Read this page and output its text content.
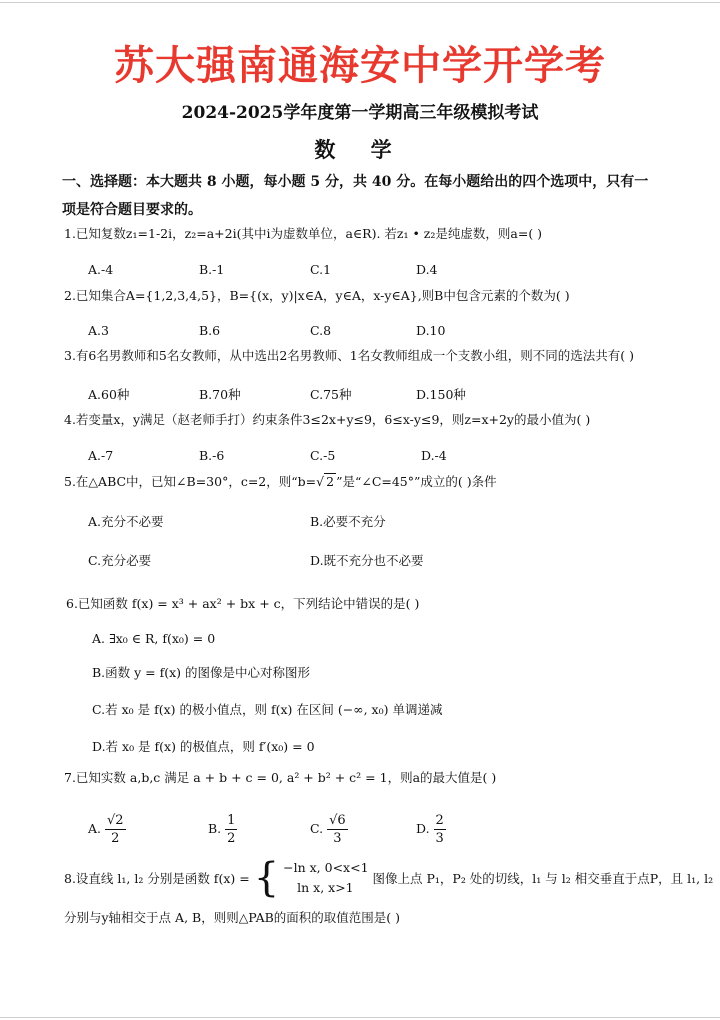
苏大强南通海安中学开学考
2024-2025学年度第一学期高三年级模拟考试
数 学
一、选择题：本大题共 8 小题，每小题 5 分，共 40 分。在每小题给出的四个选项中，只有一
项是符合题目要求的。
1.已知复数z₁=1-2i，z₂=a+2i(其中i为虚数单位，a∈R). 若z₁ • z₂是纯虚数，则a=( )
A.-4	B.-1	C.1	D.4
2.已知集合A={1,2,3,4,5}，B={(x，y)|x∈A，y∈A，x-y∈A},则B中包含元素的个数为( )
A.3	B.6	C.8	D.10
3.有6名男教师和5名女教师，从中选出2名男教师、1名女教师组成一个支教小组，则不同的选法共有( )
A.60种	B.70种	C.75种	D.150种
4.若变量x，y满足（赵老师手打）约束条件3≤2x+y≤9，6≤x-y≤9，则z=x+2y的最小值为( )
A.-7	B.-6	C.-5	D.-4
5.在△ABC中，已知∠B=30°，c=2，则“b=√ 2 ”是“∠C=45°”成立的( )条件
A.充分不必要	B.必要不充分
C.充分必要	D.既不充分也不必要
6.已知函数 f(x) = x³ + ax² + bx + c，下列结论中错误的是( )
A. ∃x₀ ∈ R, f(x₀) = 0
B.函数 y = f(x) 的图像是中心对称图形
C.若 x₀ 是 f(x) 的极小值点，则 f(x) 在区间 (−∞, x₀) 单调递减
D.若 x₀ 是 f(x) 的极值点，则 f′(x₀) = 0
7.已知实数 a,b,c 满足 a + b + c = 0, a² + b² + c² = 1，则a的最大值是( )
A. $\frac{√2}{2}$	B. $\frac{1}{2}$	C. $\frac{√6}{3}$	D. $\frac{2}{3}$
8.设直线 l₁, l₂ 分别是函数 f(x) = { −ln x, 0<x<1
ln x, x>1
图像上点 P₁，P₂ 处的切线，l₁ 与 l₂ 相交垂直于点P，且 l₁, l₂
分别与y轴相交于点 A, B，则则△PAB的面积的取值范围是( )
